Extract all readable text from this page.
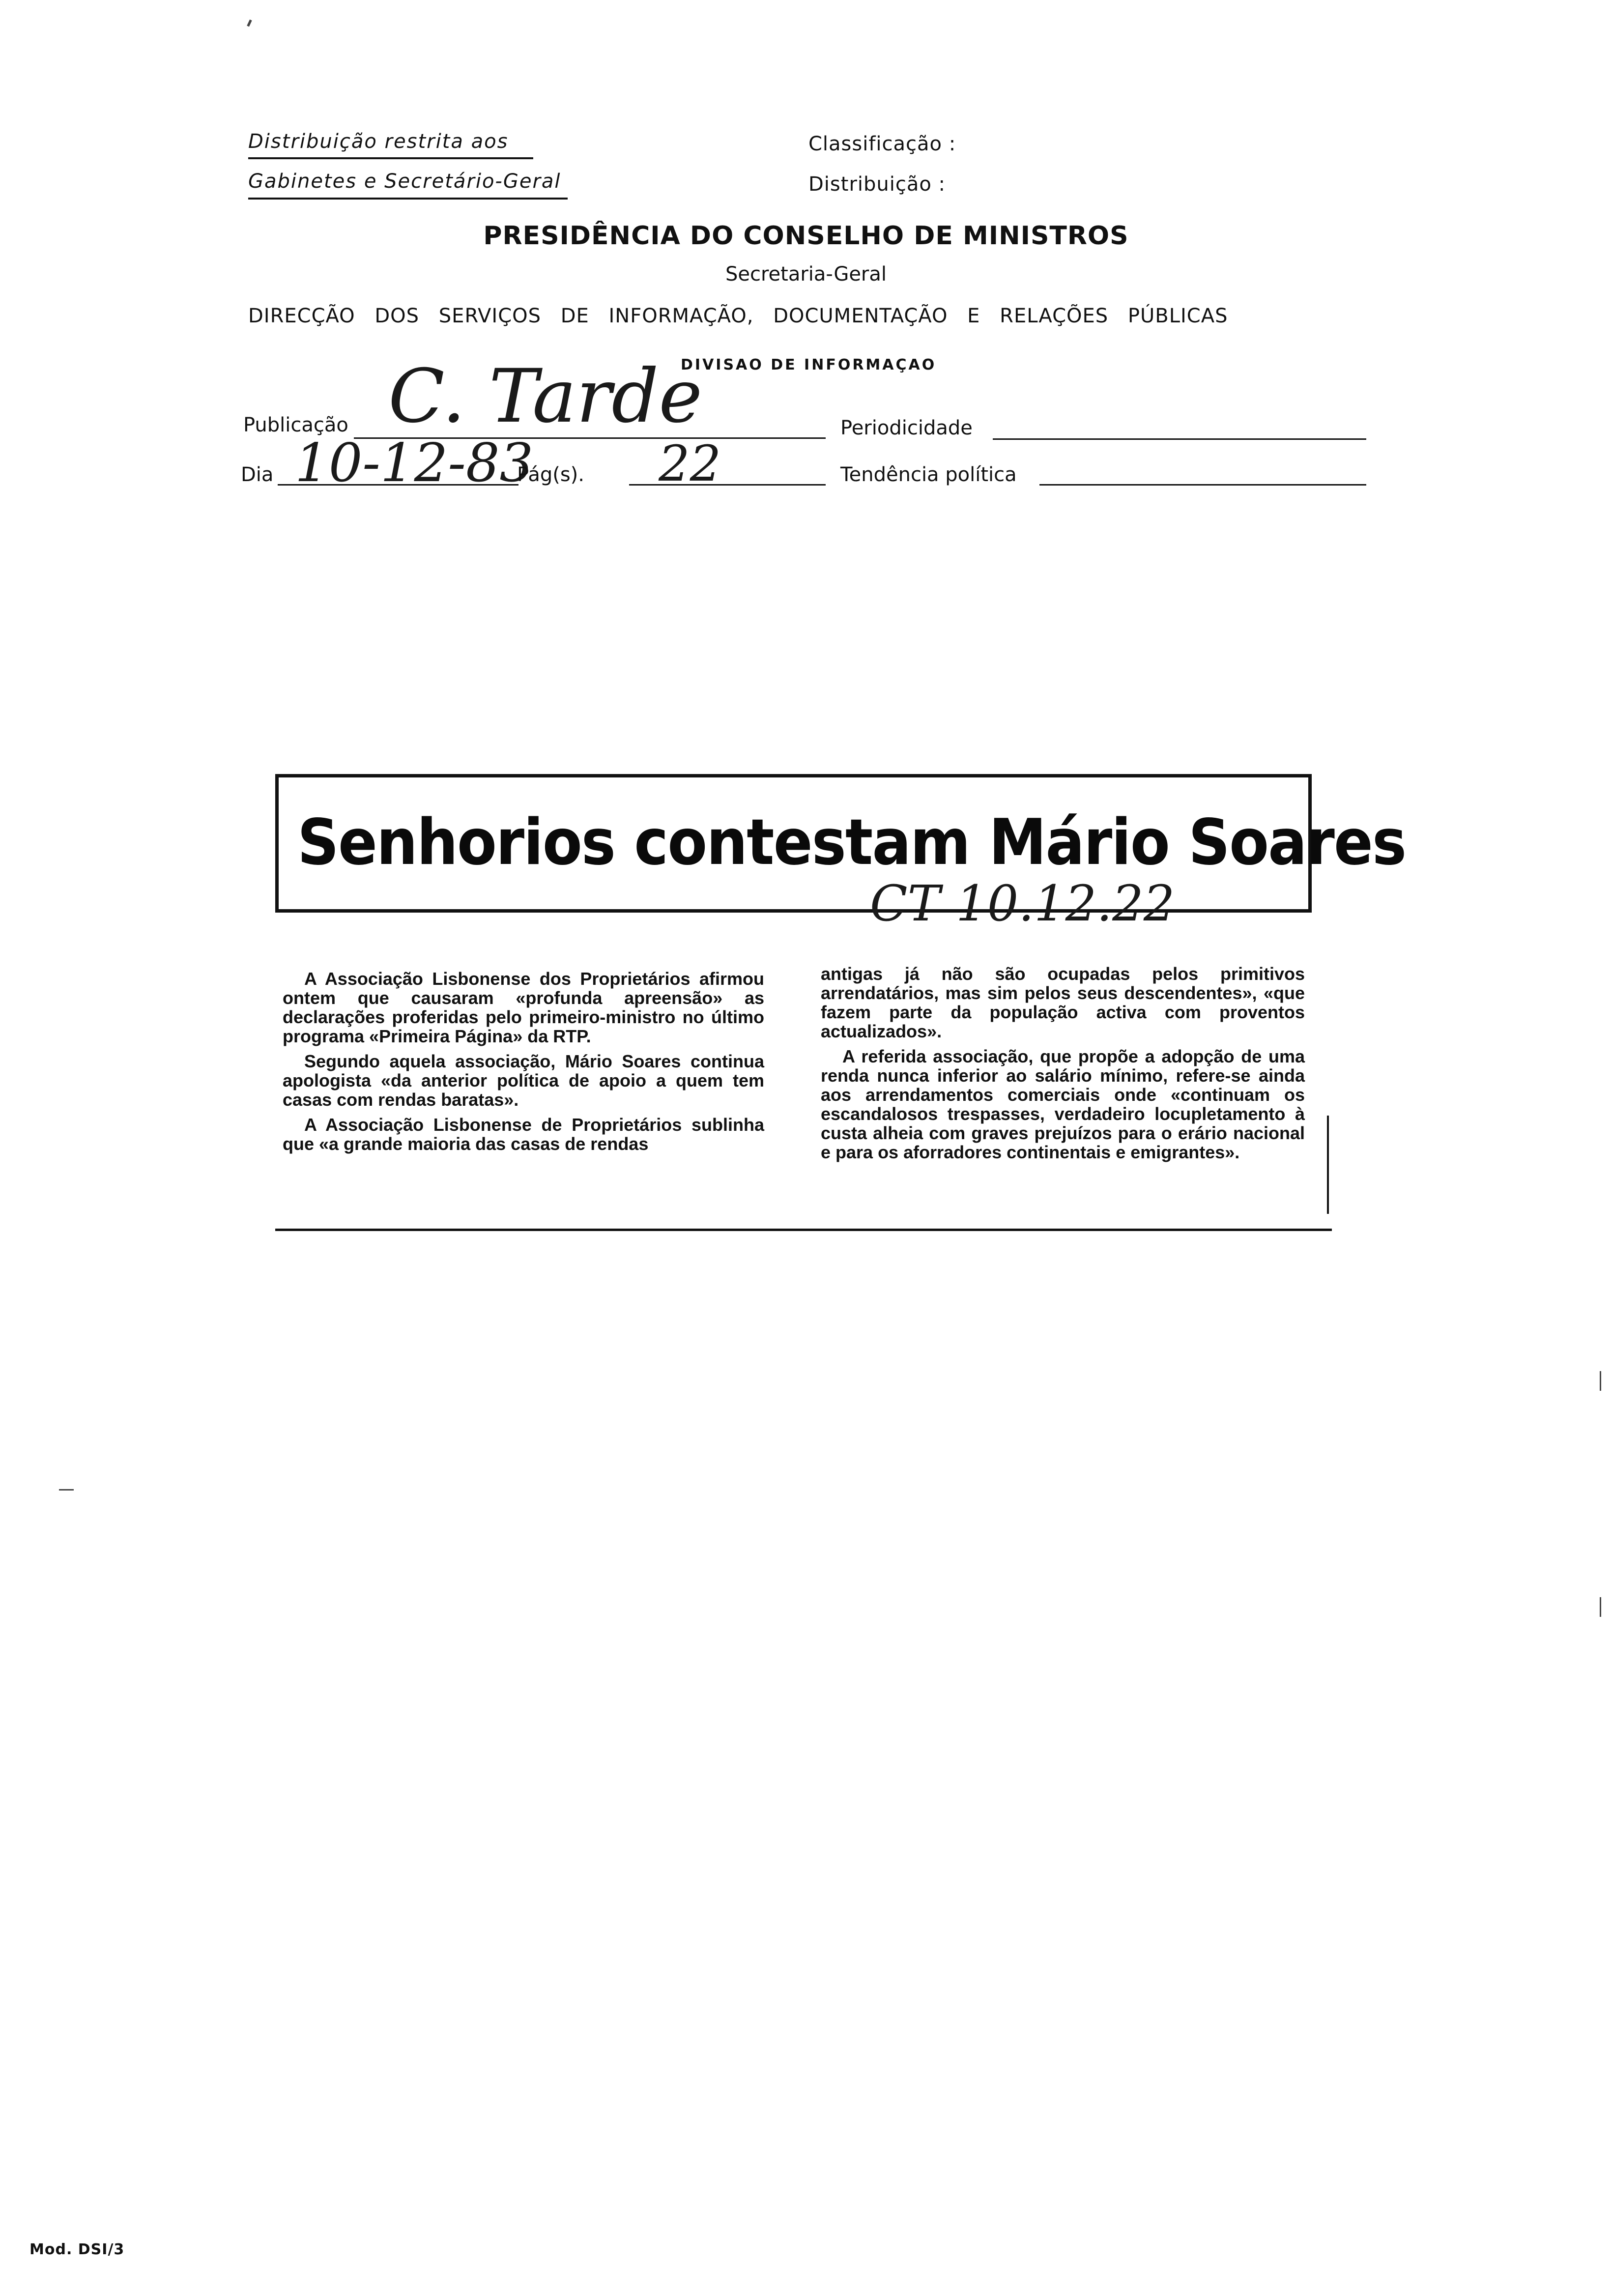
Distribuição restrita aos
Gabinetes e Secretário-Geral
Classificação :
Distribuição :
PRESIDÊNCIA DO CONSELHO DE MINISTROS
Secretaria-Geral
DIRECÇÃO DOS SERVIÇOS DE INFORMAÇÃO, DOCUMENTAÇÃO E RELAÇÕES PÚBLICAS
DIVISAO DE INFORMAÇAO
Publicação C. Tarde	Periodicidade
Dia 10-12-83
Pág(s). 22	Tendência política
Senhorios contestam Mário Soares
CT 10.12.22

A Associação Lisbonense dos Proprietários afirmou ontem que causaram «profunda apreensão» as declarações proferidas pelo primeiro-ministro no último programa «Primeira Página» da RTP.

Segundo aquela associação, Mário Soares continua apologista «da anterior política de apoio a quem tem casas com rendas baratas».

A Associação Lisbonense de Proprietários sublinha que «a grande maioria das casas de rendas

antigas já não são ocupadas pelos primitivos arrendatários, mas sim pelos seus descendentes», «que fazem parte da população activa com proventos actualizados».

A referida associação, que propõe a adopção de uma renda nunca inferior ao salário mínimo, refere-se ainda aos arrendamentos comerciais onde «continuam os escandalosos trespasses, verdadeiro locupletamento à custa alheia com graves prejuízos para o erário nacional e para os aforradores continentais e emigrantes».

Mod. DSI/3
